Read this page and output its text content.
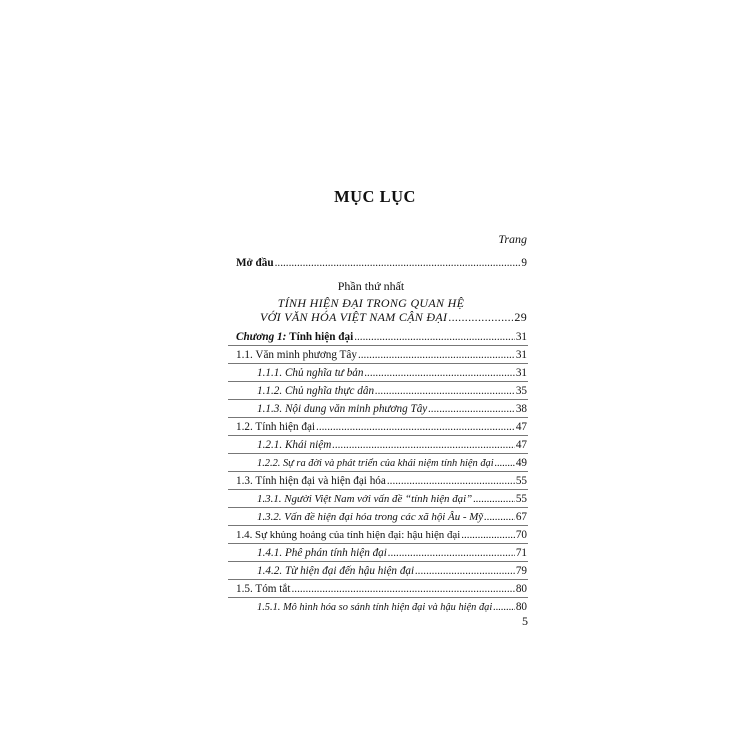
MỤC LỤC
Trang
Mở đầu .....	9
Phần thứ nhất
TÍNH HIỆN ĐẠI TRONG QUAN HỆ
VỚI VĂN HÓA VIỆT NAM CẬN ĐẠI .....	29
Chương 1: Tính hiện đại .....	31
1.1. Văn minh phương Tây .....	31
1.1.1. Chủ nghĩa tư bản .....	31
1.1.2. Chủ nghĩa thực dân .....	35
1.1.3. Nội dung văn minh phương Tây .....	38
1.2. Tính hiện đại .....	47
1.2.1. Khái niệm .....	47
1.2.2. Sự ra đời và phát triển của khái niệm tính hiện đại ..... 49
1.3. Tính hiện đại và hiện đại hóa .....	55
1.3.1. Người Việt Nam với vấn đề “tính hiện đại” .....	55
1.3.2. Vấn đề hiện đại hóa trong các xã hội Âu - Mỹ .....	67
1.4. Sự khủng hoảng của tính hiện đại: hậu hiện đại .....	70
1.4.1. Phê phán tính hiện đại .....	71
1.4.2. Từ hiện đại đến hậu hiện đại .....	79
1.5. Tóm tắt .....	80
1.5.1. Mô hình hóa so sánh tính hiện đại và hậu hiện đại ..... 80
5
